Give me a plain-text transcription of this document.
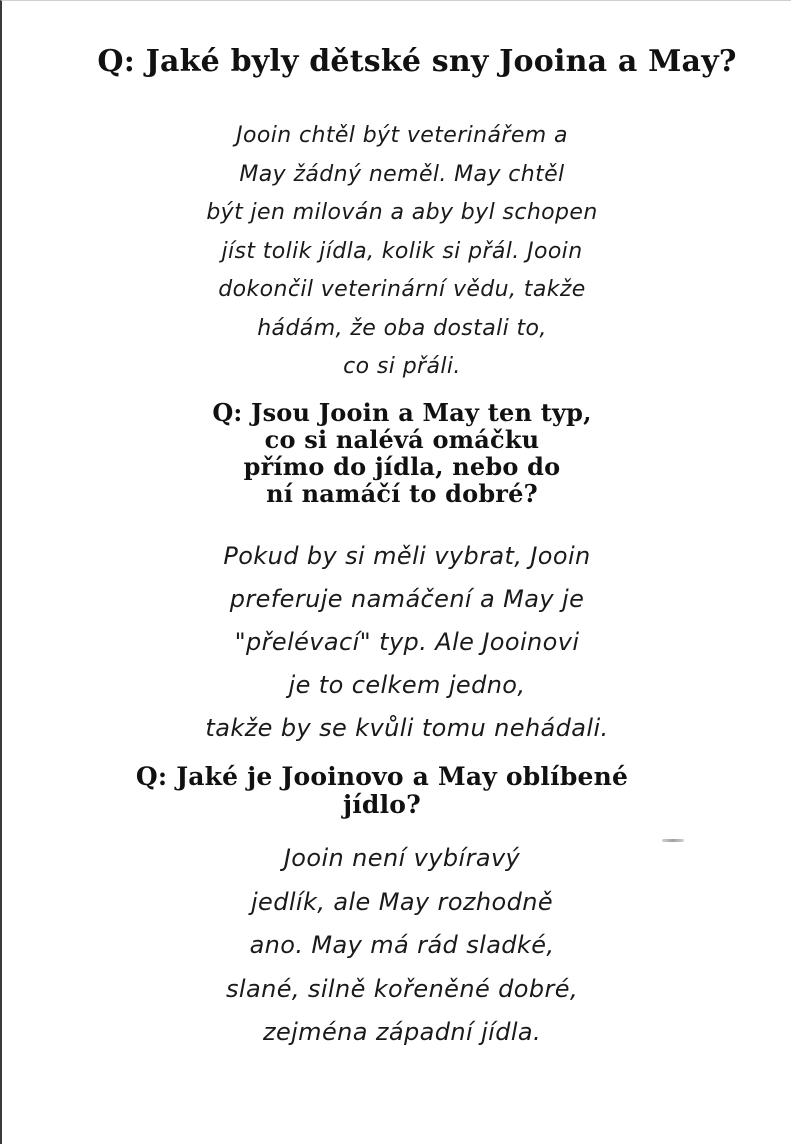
Q: Jaké byly dětské sny Jooina a May?

Jooin chtěl být veterinářem a
May žádný neměl. May chtěl
být jen milován a aby byl schopen
jíst tolik jídla, kolik si přál. Jooin
dokončil veterinární vědu, takže
hádám, že oba dostali to,
co si přáli.

Q: Jsou Jooin a May ten typ,
co si nalévá omáčku
přímo do jídla, nebo do
ní namáčí to dobré?

Pokud by si měli vybrat, Jooin
preferuje namáčení a May je
"přelévací" typ. Ale Jooinovi
je to celkem jedno,
takže by se kvůli tomu nehádali.

Q: Jaké je Jooinovo a May oblíbené
jídlo?

Jooin není vybíravý
jedlík, ale May rozhodně
ano. May má rád sladké,
slané, silně kořeněné dobré,
zejména západní jídla.
